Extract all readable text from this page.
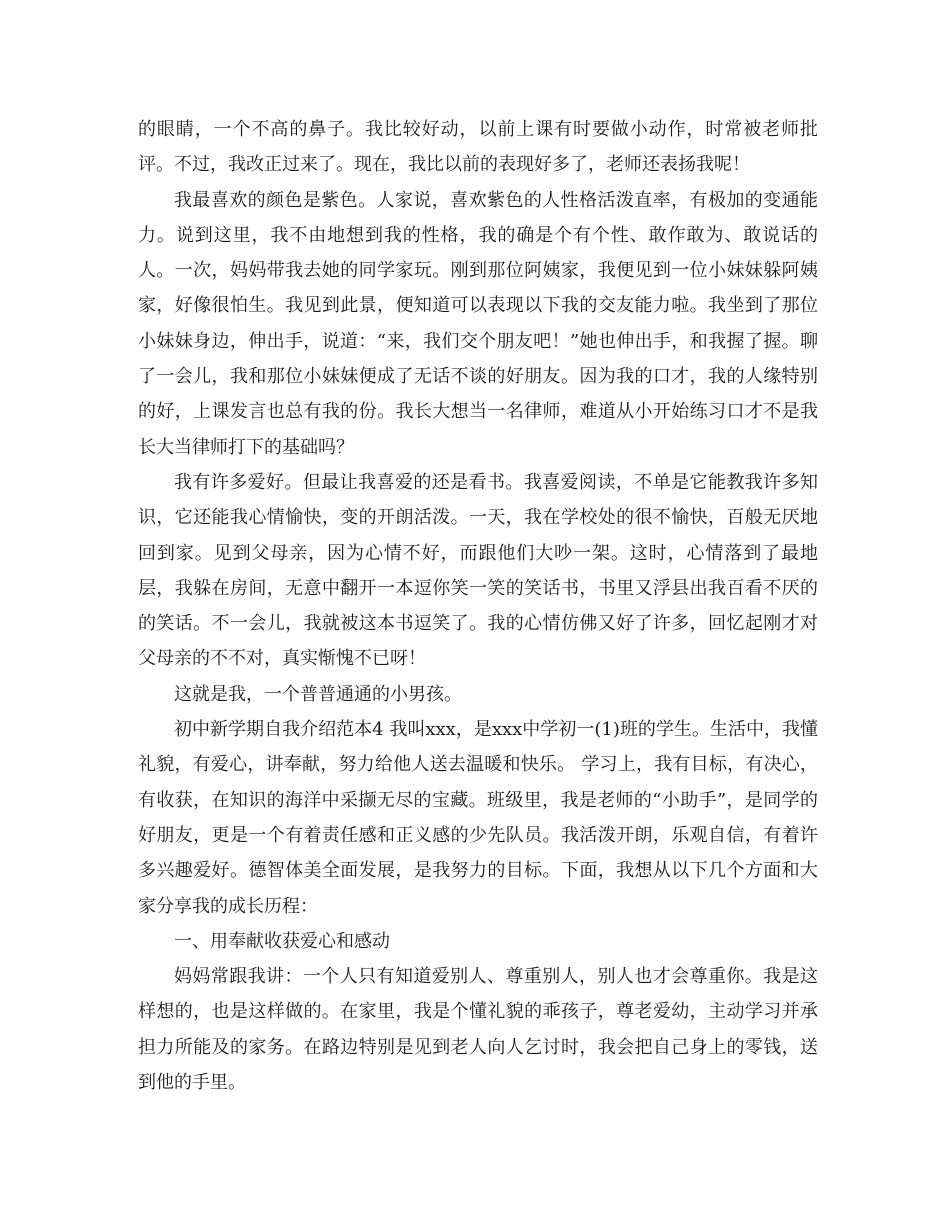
的眼睛，一个不高的鼻子。我比较好动，以前上课有时要做小动作，时常被老师批评。不过，我改正过来了。现在，我比以前的表现好多了，老师还表扬我呢！

我最喜欢的颜色是紫色。人家说，喜欢紫色的人性格活泼直率，有极加的变通能力。说到这里，我不由地想到我的性格，我的确是个有个性、敢作敢为、敢说话的人。一次，妈妈带我去她的同学家玩。刚到那位阿姨家，我便见到一位小妹妹躲阿姨家，好像很怕生。我见到此景，便知道可以表现以下我的交友能力啦。我坐到了那位小妹妹身边，伸出手，说道：“来，我们交个朋友吧！”她也伸出手，和我握了握。聊了一会儿，我和那位小妹妹便成了无话不谈的好朋友。因为我的口才，我的人缘特别的好，上课发言也总有我的份。我长大想当一名律师，难道从小开始练习口才不是我长大当律师打下的基础吗？

我有许多爱好。但最让我喜爱的还是看书。我喜爱阅读，不单是它能教我许多知识，它还能我心情愉快，变的开朗活泼。一天，我在学校处的很不愉快，百般无厌地回到家。见到父母亲，因为心情不好，而跟他们大吵一架。这时，心情落到了最地层，我躲在房间，无意中翻开一本逗你笑一笑的笑话书，书里又浮县出我百看不厌的的笑话。不一会儿，我就被这本书逗笑了。我的心情仿佛又好了许多，回忆起刚才对父母亲的不不对，真实惭愧不已呀！

这就是我，一个普普通通的小男孩。

初中新学期自我介绍范本4 我叫xxx，是xxx中学初一(1)班的学生。生活中，我懂礼貌，有爱心，讲奉献，努力给他人送去温暖和快乐。 学习上，我有目标，有决心，有收获，在知识的海洋中采撷无尽的宝藏。班级里，我是老师的“小助手”，是同学的好朋友，更是一个有着责任感和正义感的少先队员。我活泼开朗，乐观自信，有着许多兴趣爱好。德智体美全面发展，是我努力的目标。下面，我想从以下几个方面和大家分享我的成长历程：

一、用奉献收获爱心和感动

妈妈常跟我讲：一个人只有知道爱别人、尊重别人，别人也才会尊重你。我是这样想的，也是这样做的。在家里，我是个懂礼貌的乖孩子，尊老爱幼，主动学习并承担力所能及的家务。在路边特别是见到老人向人乞讨时，我会把自己身上的零钱，送到他的手里。
